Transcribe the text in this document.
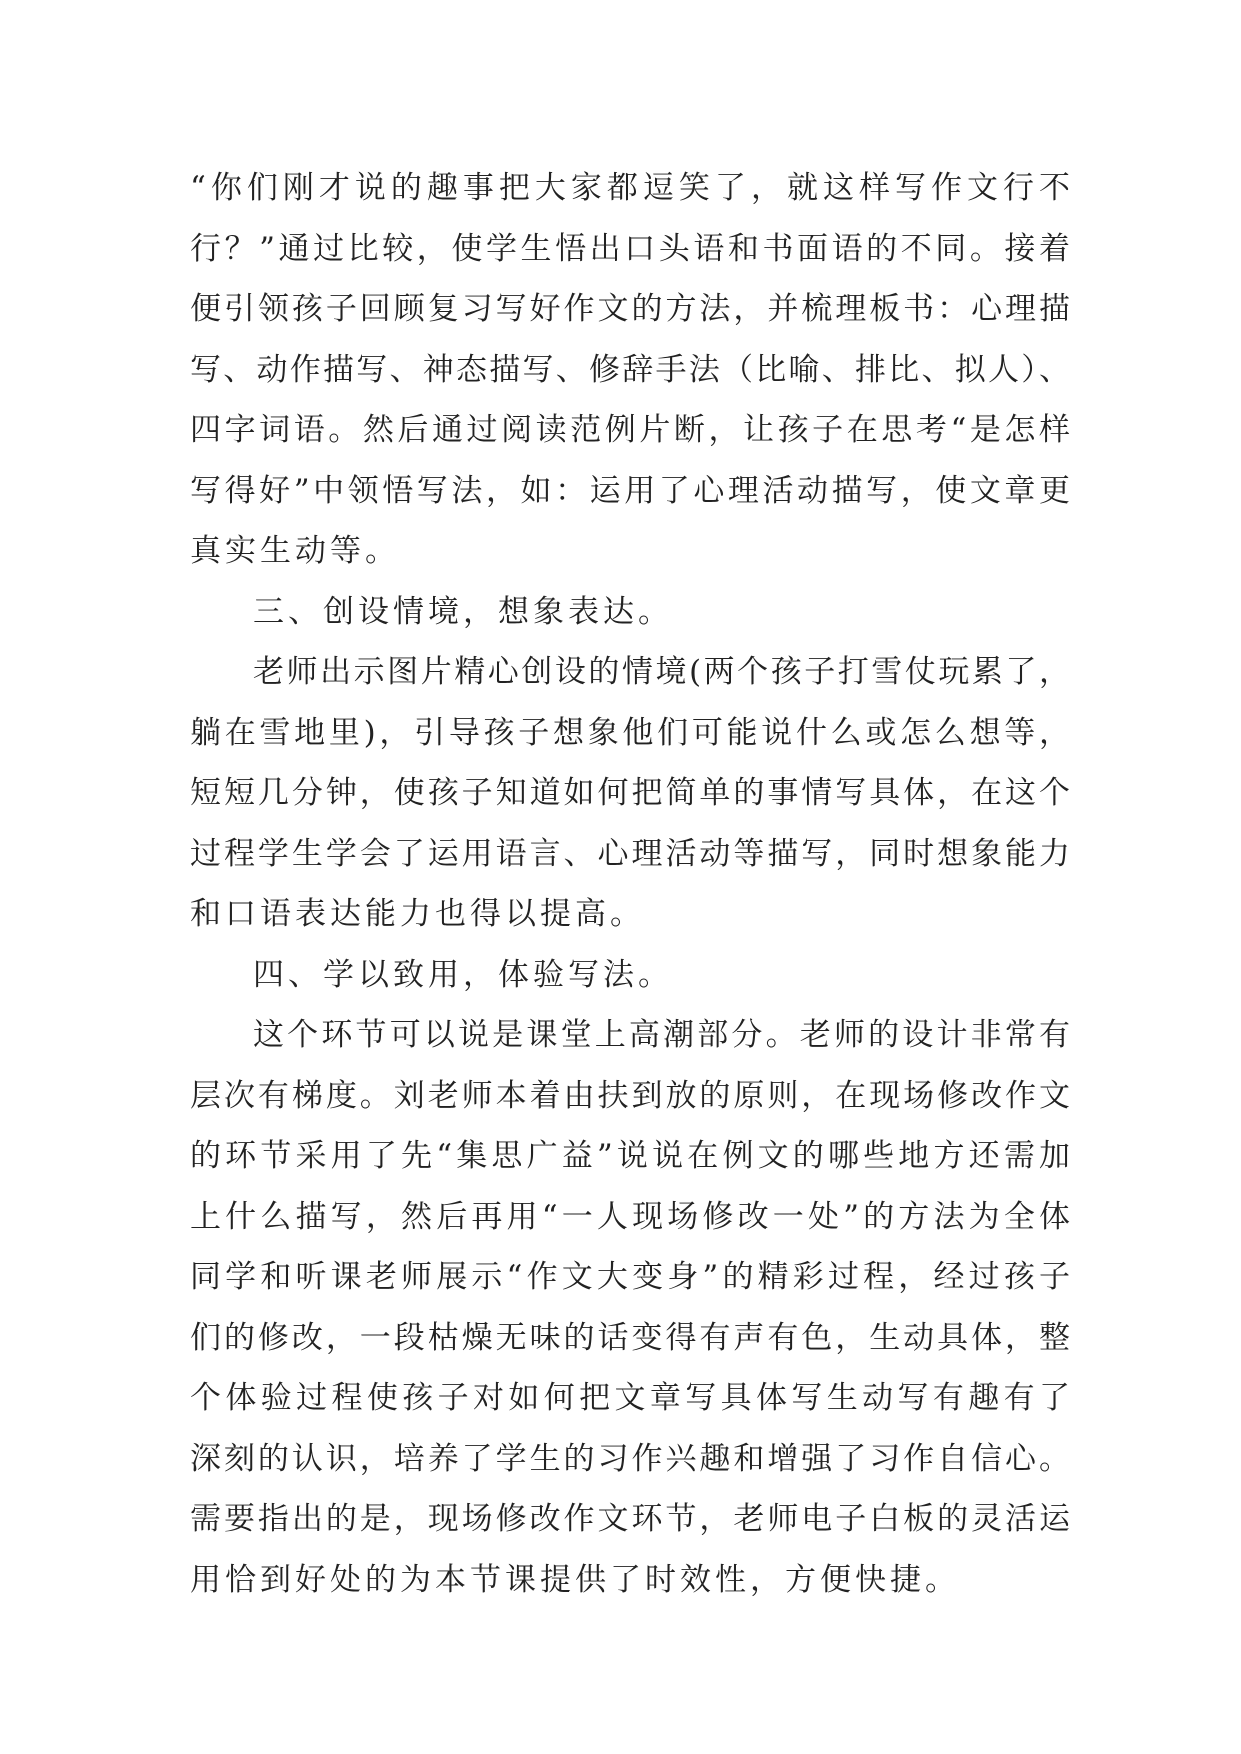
“你们刚才说的趣事把大家都逗笑了，就这样写作文行不
行？”通过比较，使学生悟出口头语和书面语的不同。接着
便引领孩子回顾复习写好作文的方法，并梳理板书：心理描
写、动作描写、神态描写、修辞手法（比喻、排比、拟人）、
四字词语。然后通过阅读范例片断，让孩子在思考“是怎样
写得好”中领悟写法，如：运用了心理活动描写，使文章更
真实生动等。
三、创设情境，想象表达。
老师出示图片精心创设的情境(两个孩子打雪仗玩累了，
躺在雪地里)，引导孩子想象他们可能说什么或怎么想等，
短短几分钟，使孩子知道如何把简单的事情写具体，在这个
过程学生学会了运用语言、心理活动等描写，同时想象能力
和口语表达能力也得以提高。
四、学以致用，体验写法。
这个环节可以说是课堂上高潮部分。老师的设计非常有
层次有梯度。刘老师本着由扶到放的原则，在现场修改作文
的环节采用了先“集思广益”说说在例文的哪些地方还需加
上什么描写，然后再用“一人现场修改一处”的方法为全体
同学和听课老师展示“作文大变身”的精彩过程，经过孩子
们的修改，一段枯燥无味的话变得有声有色，生动具体，整
个体验过程使孩子对如何把文章写具体写生动写有趣有了
深刻的认识，培养了学生的习作兴趣和增强了习作自信心。
需要指出的是，现场修改作文环节，老师电子白板的灵活运
用恰到好处的为本节课提供了时效性，方便快捷。
